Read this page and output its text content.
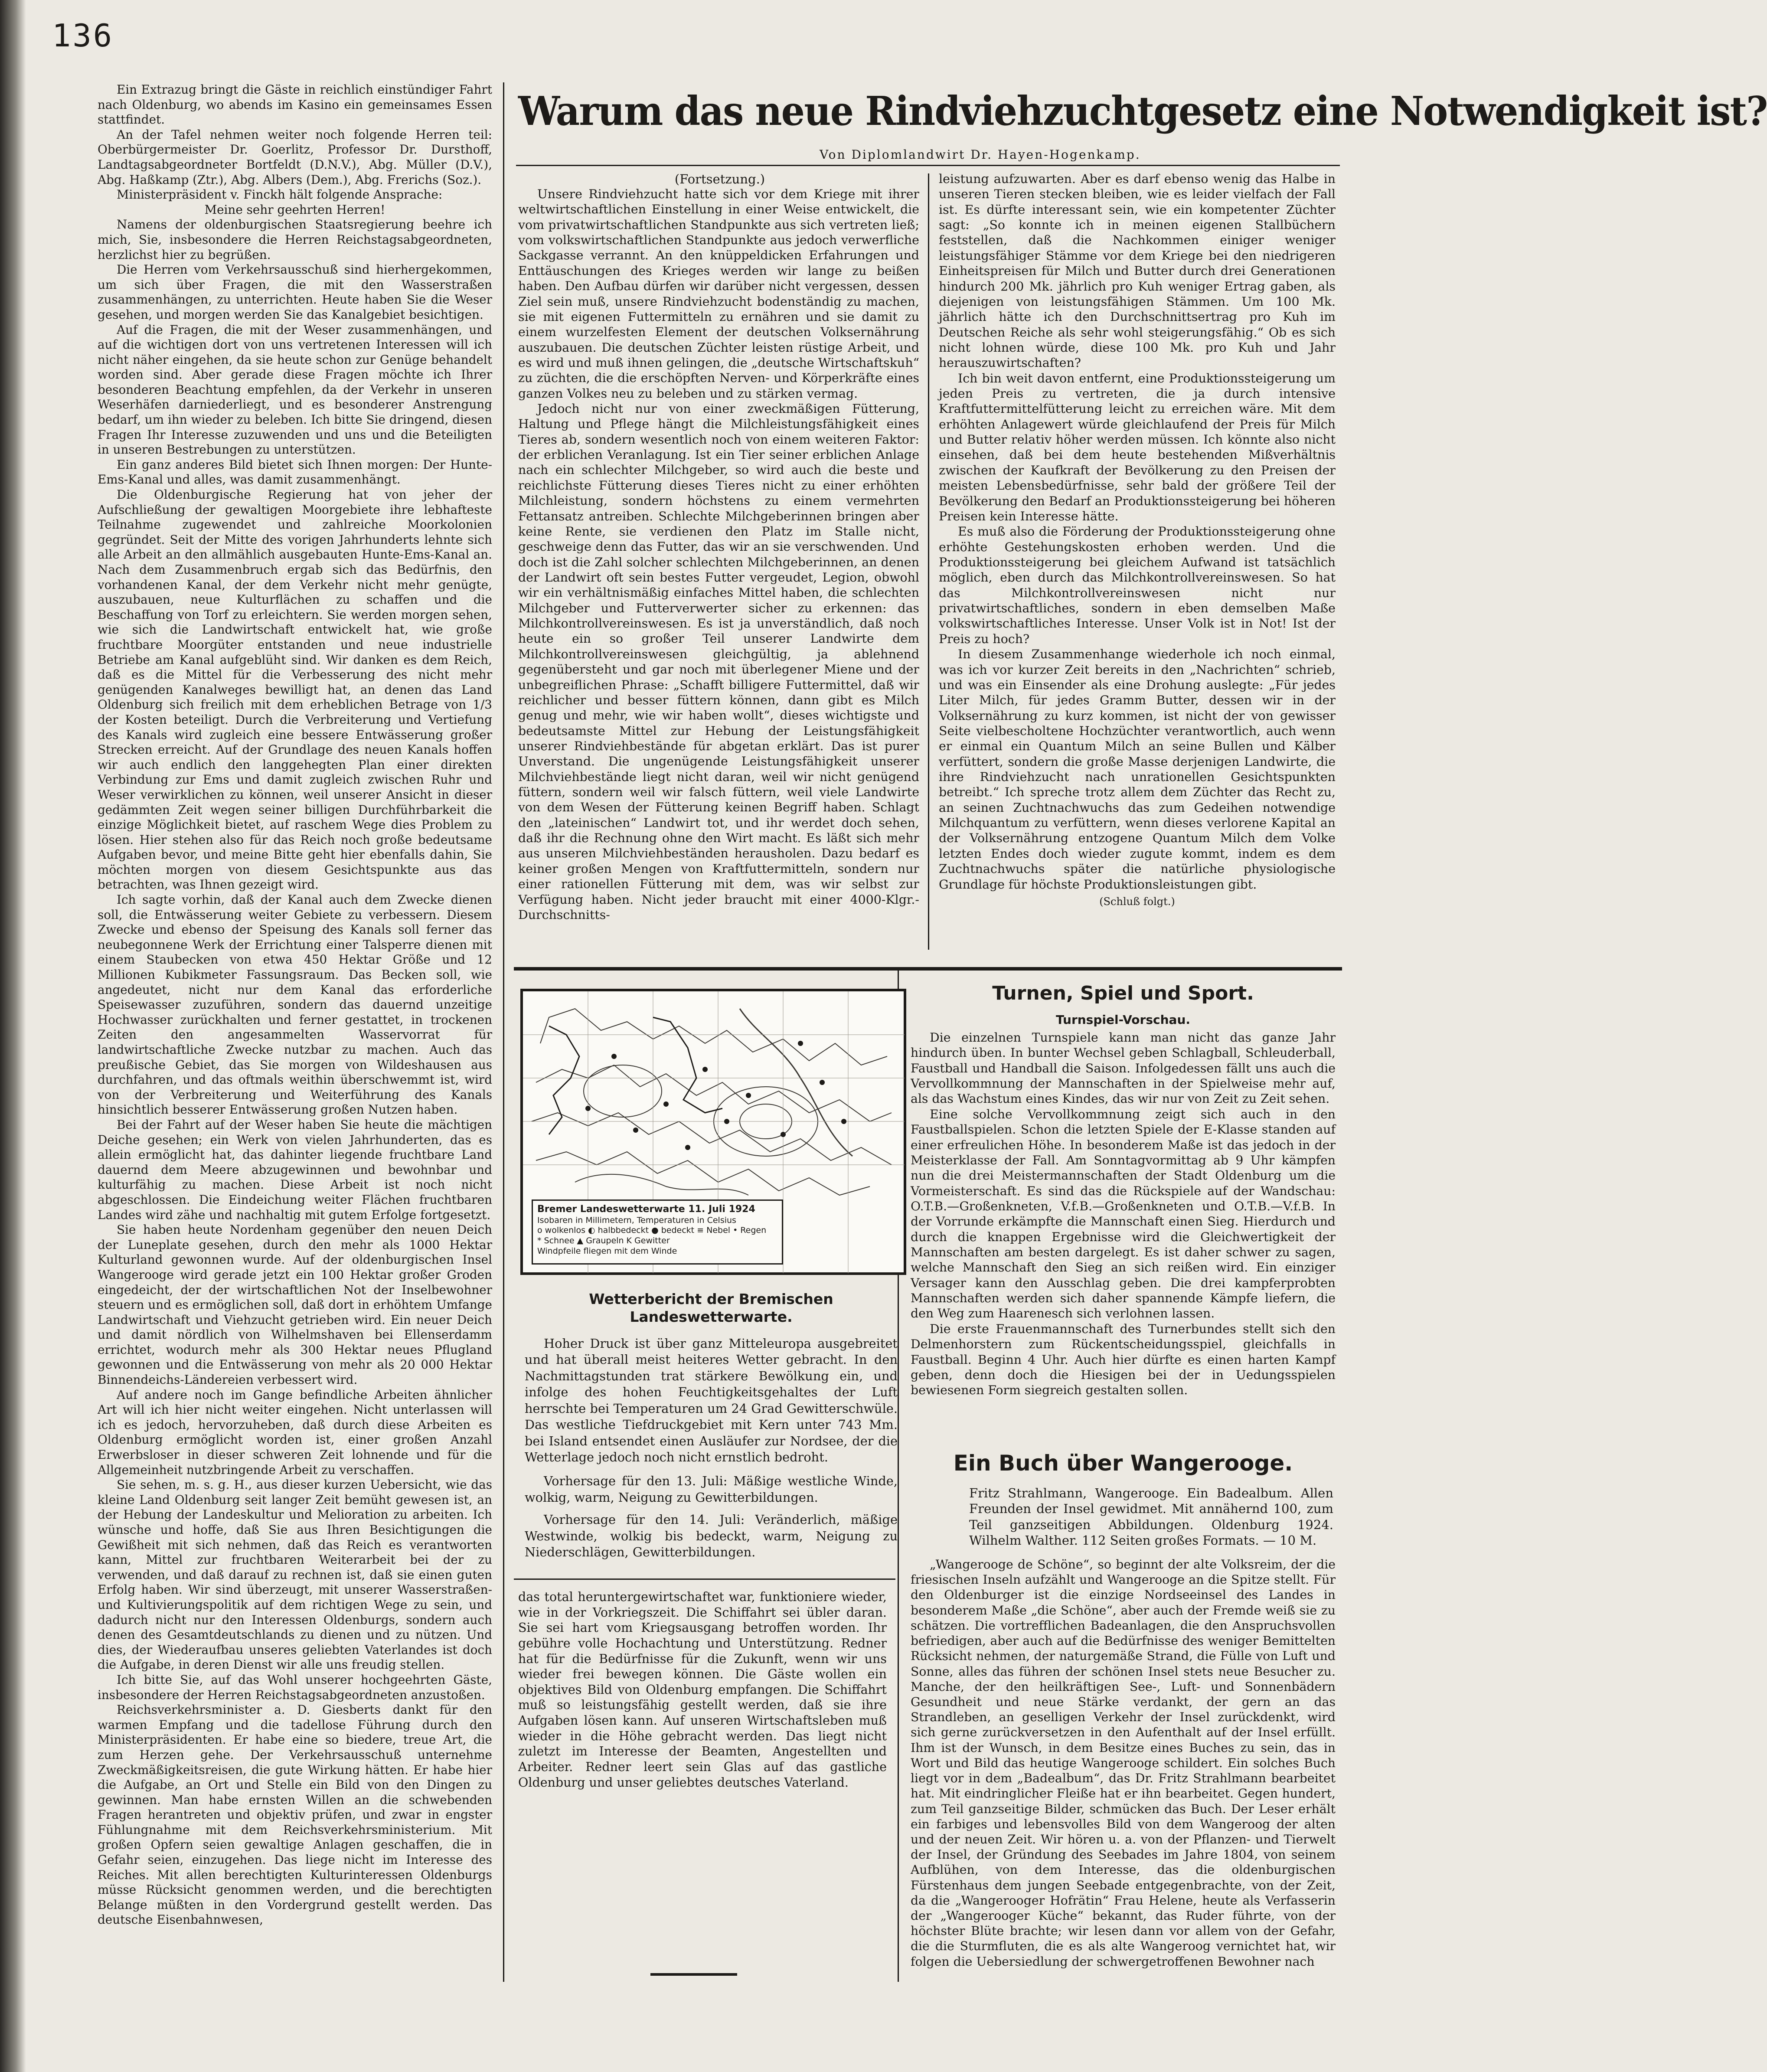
136

Ein Extrazug bringt die Gäste in reichlich einstündiger Fahrt nach Oldenburg, wo abends im Kasino ein gemeinsames Essen stattfindet.

An der Tafel nehmen weiter noch folgende Herren teil: Oberbürgermeister Dr. Goerlitz, Professor Dr. Dursthoff, Landtagsabgeordneter Bortfeldt (D.N.V.), Abg. Müller (D.V.), Abg. Haßkamp (Ztr.), Abg. Albers (Dem.), Abg. Frerichs (Soz.).

Ministerpräsident v. Finckh hält folgende Ansprache:

Meine sehr geehrten Herren!

Namens der oldenburgischen Staatsregierung beehre ich mich, Sie, insbesondere die Herren Reichstagsabgeordneten, herzlichst hier zu begrüßen.

Die Herren vom Verkehrsausschuß sind hierhergekommen, um sich über Fragen, die mit den Wasserstraßen zusammenhängen, zu unterrichten. Heute haben Sie die Weser gesehen, und morgen werden Sie das Kanalgebiet besichtigen.

Auf die Fragen, die mit der Weser zusammenhängen, und auf die wichtigen dort von uns vertretenen Interessen will ich nicht näher eingehen, da sie heute schon zur Genüge behandelt worden sind. Aber gerade diese Fragen möchte ich Ihrer besonderen Beachtung empfehlen, da der Verkehr in unseren Weserhäfen darniederliegt, und es besonderer Anstrengung bedarf, um ihn wieder zu beleben. Ich bitte Sie dringend, diesen Fragen Ihr Interesse zuzuwenden und uns und die Beteiligten in unseren Bestrebungen zu unterstützen.

Ein ganz anderes Bild bietet sich Ihnen morgen: Der Hunte-Ems-Kanal und alles, was damit zusammenhängt.

Die Oldenburgische Regierung hat von jeher der Aufschließung der gewaltigen Moorgebiete ihre lebhafteste Teilnahme zugewendet und zahlreiche Moorkolonien gegründet. Seit der Mitte des vorigen Jahrhunderts lehnte sich alle Arbeit an den allmählich ausgebauten Hunte-Ems-Kanal an. Nach dem Zusammenbruch ergab sich das Bedürfnis, den vorhandenen Kanal, der dem Verkehr nicht mehr genügte, auszubauen, neue Kulturflächen zu schaffen und die Beschaffung von Torf zu erleichtern. Sie werden morgen sehen, wie sich die Landwirtschaft entwickelt hat, wie große fruchtbare Moorgüter entstanden und neue industrielle Betriebe am Kanal aufgeblüht sind. Wir danken es dem Reich, daß es die Mittel für die Verbesserung des nicht mehr genügenden Kanalweges bewilligt hat, an denen das Land Oldenburg sich freilich mit dem erheblichen Betrage von 1/3 der Kosten beteiligt. Durch die Verbreiterung und Vertiefung des Kanals wird zugleich eine bessere Entwässerung großer Strecken erreicht. Auf der Grundlage des neuen Kanals hoffen wir auch endlich den langgehegten Plan einer direkten Verbindung zur Ems und damit zugleich zwischen Ruhr und Weser verwirklichen zu können, weil unserer Ansicht in dieser gedämmten Zeit wegen seiner billigen Durchführbarkeit die einzige Möglichkeit bietet, auf raschem Wege dies Problem zu lösen. Hier stehen also für das Reich noch große bedeutsame Aufgaben bevor, und meine Bitte geht hier ebenfalls dahin, Sie möchten morgen von diesem Gesichtspunkte aus das betrachten, was Ihnen gezeigt wird.

Ich sagte vorhin, daß der Kanal auch dem Zwecke dienen soll, die Entwässerung weiter Gebiete zu verbessern. Diesem Zwecke und ebenso der Speisung des Kanals soll ferner das neubegonnene Werk der Errichtung einer Talsperre dienen mit einem Staubecken von etwa 450 Hektar Größe und 12 Millionen Kubikmeter Fassungsraum. Das Becken soll, wie angedeutet, nicht nur dem Kanal das erforderliche Speisewasser zuzuführen, sondern das dauernd unzeitige Hochwasser zurückhalten und ferner gestattet, in trockenen Zeiten den angesammelten Wasservorrat für landwirtschaftliche Zwecke nutzbar zu machen. Auch das preußische Gebiet, das Sie morgen von Wildeshausen aus durchfahren, und das oftmals weithin überschwemmt ist, wird von der Verbreiterung und Weiterführung des Kanals hinsichtlich besserer Entwässerung großen Nutzen haben.

Bei der Fahrt auf der Weser haben Sie heute die mächtigen Deiche gesehen; ein Werk von vielen Jahrhunderten, das es allein ermöglicht hat, das dahinter liegende fruchtbare Land dauernd dem Meere abzugewinnen und bewohnbar und kulturfähig zu machen. Diese Arbeit ist noch nicht abgeschlossen. Die Eindeichung weiter Flächen fruchtbaren Landes wird zähe und nachhaltig mit gutem Erfolge fortgesetzt.

Sie haben heute Nordenham gegenüber den neuen Deich der Luneplate gesehen, durch den mehr als 1000 Hektar Kulturland gewonnen wurde. Auf der oldenburgischen Insel Wangerooge wird gerade jetzt ein 100 Hektar großer Groden eingedeicht, der der wirtschaftlichen Not der Inselbewohner steuern und es ermöglichen soll, daß dort in erhöhtem Umfange Landwirtschaft und Viehzucht getrieben wird. Ein neuer Deich und damit nördlich von Wilhelmshaven bei Ellenserdamm errichtet, wodurch mehr als 300 Hektar neues Pflugland gewonnen und die Entwässerung von mehr als 20 000 Hektar Binnendeichs-Ländereien verbessert wird.

Auf andere noch im Gange befindliche Arbeiten ähnlicher Art will ich hier nicht weiter eingehen. Nicht unterlassen will ich es jedoch, hervorzuheben, daß durch diese Arbeiten es Oldenburg ermöglicht worden ist, einer großen Anzahl Erwerbsloser in dieser schweren Zeit lohnende und für die Allgemeinheit nutzbringende Arbeit zu verschaffen.

Sie sehen, m. s. g. H., aus dieser kurzen Uebersicht, wie das kleine Land Oldenburg seit langer Zeit bemüht gewesen ist, an der Hebung der Landeskultur und Melioration zu arbeiten. Ich wünsche und hoffe, daß Sie aus Ihren Besichtigungen die Gewißheit mit sich nehmen, daß das Reich es verantworten kann, Mittel zur fruchtbaren Weiterarbeit bei der zu verwenden, und daß darauf zu rechnen ist, daß sie einen guten Erfolg haben. Wir sind überzeugt, mit unserer Wasserstraßen- und Kultivierungspolitik auf dem richtigen Wege zu sein, und dadurch nicht nur den Interessen Oldenburgs, sondern auch denen des Gesamtdeutschlands zu dienen und zu nützen. Und dies, der Wiederaufbau unseres geliebten Vaterlandes ist doch die Aufgabe, in deren Dienst wir alle uns freudig stellen.

Ich bitte Sie, auf das Wohl unserer hochgeehrten Gäste, insbesondere der Herren Reichstagsabgeordneten anzustoßen.

Reichsverkehrsminister a. D. Giesberts dankt für den warmen Empfang und die tadellose Führung durch den Ministerpräsidenten. Er habe eine so biedere, treue Art, die zum Herzen gehe. Der Verkehrsausschuß unternehme Zweckmäßigkeitsreisen, die gute Wirkung hätten. Er habe hier die Aufgabe, an Ort und Stelle ein Bild von den Dingen zu gewinnen. Man habe ernsten Willen an die schwebenden Fragen herantreten und objektiv prüfen, und zwar in engster Fühlungnahme mit dem Reichsverkehrsministerium. Mit großen Opfern seien gewaltige Anlagen geschaffen, die in Gefahr seien, einzugehen. Das liege nicht im Interesse des Reiches. Mit allen berechtigten Kulturinteressen Oldenburgs müsse Rücksicht genommen werden, und die berechtigten Belange müßten in den Vordergrund gestellt werden. Das deutsche Eisenbahnwesen,

Warum das neue Rindviehzuchtgesetz eine Notwendigkeit ist?
Von Diplomlandwirt Dr. Hayen-Hogenkamp.
(Fortsetzung.)

Unsere Rindviehzucht hatte sich vor dem Kriege mit ihrer weltwirtschaftlichen Einstellung in einer Weise entwickelt, die vom privatwirtschaftlichen Standpunkte aus sich vertreten ließ; vom volkswirtschaftlichen Standpunkte aus jedoch verwerfliche Sackgasse verrannt. An den knüppeldicken Erfahrungen und Enttäuschungen des Krieges werden wir lange zu beißen haben. Den Aufbau dürfen wir darüber nicht vergessen, dessen Ziel sein muß, unsere Rindviehzucht bodenständig zu machen, sie mit eigenen Futtermitteln zu ernähren und sie damit zu einem wurzelfesten Element der deutschen Volksernährung auszubauen. Die deutschen Züchter leisten rüstige Arbeit, und es wird und muß ihnen gelingen, die „deutsche Wirtschaftskuh“ zu züchten, die die erschöpften Nerven- und Körperkräfte eines ganzen Volkes neu zu beleben und zu stärken vermag.

Jedoch nicht nur von einer zweckmäßigen Fütterung, Haltung und Pflege hängt die Milchleistungsfähigkeit eines Tieres ab, sondern wesentlich noch von einem weiteren Faktor: der erblichen Veranlagung. Ist ein Tier seiner erblichen Anlage nach ein schlechter Milchgeber, so wird auch die beste und reichlichste Fütterung dieses Tieres nicht zu einer erhöhten Milchleistung, sondern höchstens zu einem vermehrten Fettansatz antreiben. Schlechte Milchgeberinnen bringen aber keine Rente, sie verdienen den Platz im Stalle nicht, geschweige denn das Futter, das wir an sie verschwenden. Und doch ist die Zahl solcher schlechten Milchgeberinnen, an denen der Landwirt oft sein bestes Futter vergeudet, Legion, obwohl wir ein verhältnismäßig einfaches Mittel haben, die schlechten Milchgeber und Futterverwerter sicher zu erkennen: das Milchkontrollvereinswesen. Es ist ja unverständlich, daß noch heute ein so großer Teil unserer Landwirte dem Milchkontrollvereinswesen gleichgültig, ja ablehnend gegenübersteht und gar noch mit überlegener Miene und der unbegreiflichen Phrase: „Schafft billigere Futtermittel, daß wir reichlicher und besser füttern können, dann gibt es Milch genug und mehr, wie wir haben wollt“, dieses wichtigste und bedeutsamste Mittel zur Hebung der Leistungsfähigkeit unserer Rindviehbestände für abgetan erklärt. Das ist purer Unverstand. Die ungenügende Leistungsfähigkeit unserer Milchviehbestände liegt nicht daran, weil wir nicht genügend füttern, sondern weil wir falsch füttern, weil viele Landwirte von dem Wesen der Fütterung keinen Begriff haben. Schlagt den „lateinischen“ Landwirt tot, und ihr werdet doch sehen, daß ihr die Rechnung ohne den Wirt macht. Es läßt sich mehr aus unseren Milchviehbeständen herausholen. Dazu bedarf es keiner großen Mengen von Kraftfuttermitteln, sondern nur einer rationellen Fütterung mit dem, was wir selbst zur Verfügung haben. Nicht jeder braucht mit einer 4000-Klgr.-Durchschnitts-

leistung aufzuwarten. Aber es darf ebenso wenig das Halbe in unseren Tieren stecken bleiben, wie es leider vielfach der Fall ist. Es dürfte interessant sein, wie ein kompetenter Züchter sagt: „So konnte ich in meinen eigenen Stallbüchern feststellen, daß die Nachkommen einiger weniger leistungsfähiger Stämme vor dem Kriege bei den niedrigeren Einheitspreisen für Milch und Butter durch drei Generationen hindurch 200 Mk. jährlich pro Kuh weniger Ertrag gaben, als diejenigen von leistungsfähigen Stämmen. Um 100 Mk. jährlich hätte ich den Durchschnittsertrag pro Kuh im Deutschen Reiche als sehr wohl steigerungsfähig.“ Ob es sich nicht lohnen würde, diese 100 Mk. pro Kuh und Jahr herauszuwirtschaften?

Ich bin weit davon entfernt, eine Produktionssteigerung um jeden Preis zu vertreten, die ja durch intensive Kraftfuttermittelfütterung leicht zu erreichen wäre. Mit dem erhöhten Anlagewert würde gleichlaufend der Preis für Milch und Butter relativ höher werden müssen. Ich könnte also nicht einsehen, daß bei dem heute bestehenden Mißverhältnis zwischen der Kaufkraft der Bevölkerung zu den Preisen der meisten Lebensbedürfnisse, sehr bald der größere Teil der Bevölkerung den Bedarf an Produktionssteigerung bei höheren Preisen kein Interesse hätte.

Es muß also die Förderung der Produktionssteigerung ohne erhöhte Gestehungskosten erhoben werden. Und die Produktionssteigerung bei gleichem Aufwand ist tatsächlich möglich, eben durch das Milchkontrollvereinswesen. So hat das Milchkontrollvereinswesen nicht nur privatwirtschaftliches, sondern in eben demselben Maße volkswirtschaftliches Interesse. Unser Volk ist in Not! Ist der Preis zu hoch?

In diesem Zusammenhange wiederhole ich noch einmal, was ich vor kurzer Zeit bereits in den „Nachrichten“ schrieb, und was ein Einsender als eine Drohung auslegte: „Für jedes Liter Milch, für jedes Gramm Butter, dessen wir in der Volksernährung zu kurz kommen, ist nicht der von gewisser Seite vielbescholtene Hochzüchter verantwortlich, auch wenn er einmal ein Quantum Milch an seine Bullen und Kälber verfüttert, sondern die große Masse derjenigen Landwirte, die ihre Rindviehzucht nach unrationellen Gesichtspunkten betreibt.“ Ich spreche trotz allem dem Züchter das Recht zu, an seinen Zuchtnachwuchs das zum Gedeihen notwendige Milchquantum zu verfüttern, wenn dieses verlorene Kapital an der Volksernährung entzogene Quantum Milch dem Volke letzten Endes doch wieder zugute kommt, indem es dem Zuchtnachwuchs später die natürliche physiologische Grundlage für höchste Produktionsleistungen gibt.

(Schluß folgt.)

Bremer Landeswetterwarte 11. Juli 1924
Isobaren in Millimetern, Temperaturen in Celsius
o wolkenlos ◐ halbbedeckt ● bedeckt ≡ Nebel • Regen
* Schnee ▲ Graupeln K Gewitter
Windpfeile fliegen mit dem Winde
Wetterbericht der Bremischen Landeswetterwarte.

Hoher Druck ist über ganz Mitteleuropa ausgebreitet und hat überall meist heiteres Wetter gebracht. In den Nachmittagstunden trat stärkere Bewölkung ein, und infolge des hohen Feuchtigkeitsgehaltes der Luft herrschte bei Temperaturen um 24 Grad Gewitterschwüle. Das westliche Tiefdruckgebiet mit Kern unter 743 Mm. bei Island entsendet einen Ausläufer zur Nordsee, der die Wetterlage jedoch noch nicht ernstlich bedroht.

Vorhersage für den 13. Juli: Mäßige westliche Winde, wolkig, warm, Neigung zu Gewitterbildungen.

Vorhersage für den 14. Juli: Veränderlich, mäßige Westwinde, wolkig bis bedeckt, warm, Neigung zu Niederschlägen, Gewitterbildungen.

das total heruntergewirtschaftet war, funktioniere wieder, wie in der Vorkriegszeit. Die Schiffahrt sei übler daran. Sie sei hart vom Kriegsausgang betroffen worden. Ihr gebühre volle Hochachtung und Unterstützung. Redner hat für die Bedürfnisse für die Zukunft, wenn wir uns wieder frei bewegen können. Die Gäste wollen ein objektives Bild von Oldenburg empfangen. Die Schiffahrt muß so leistungsfähig gestellt werden, daß sie ihre Aufgaben lösen kann. Auf unseren Wirtschaftsleben muß wieder in die Höhe gebracht werden. Das liegt nicht zuletzt im Interesse der Beamten, Angestellten und Arbeiter. Redner leert sein Glas auf das gastliche Oldenburg und unser geliebtes deutsches Vaterland.

Turnen, Spiel und Sport.
Turnspiel-Vorschau.

Die einzelnen Turnspiele kann man nicht das ganze Jahr hindurch üben. In bunter Wechsel geben Schlagball, Schleuderball, Faustball und Handball die Saison. Infolgedessen fällt uns auch die Vervollkommnung der Mannschaften in der Spielweise mehr auf, als das Wachstum eines Kindes, das wir nur von Zeit zu Zeit sehen.

Eine solche Vervollkommnung zeigt sich auch in den Faustballspielen. Schon die letzten Spiele der E-Klasse standen auf einer erfreulichen Höhe. In besonderem Maße ist das jedoch in der Meisterklasse der Fall. Am Sonntagvormittag ab 9 Uhr kämpfen nun die drei Meistermannschaften der Stadt Oldenburg um die Vormeisterschaft. Es sind das die Rückspiele auf der Wandschau: O.T.B.—Großenkneten, V.f.B.—Großenkneten und O.T.B.—V.f.B. In der Vorrunde erkämpfte die Mannschaft einen Sieg. Hierdurch und durch die knappen Ergebnisse wird die Gleichwertigkeit der Mannschaften am besten dargelegt. Es ist daher schwer zu sagen, welche Mannschaft den Sieg an sich reißen wird. Ein einziger Versager kann den Ausschlag geben. Die drei kampferprobten Mannschaften werden sich daher spannende Kämpfe liefern, die den Weg zum Haarenesch sich verlohnen lassen.

Die erste Frauenmannschaft des Turnerbundes stellt sich den Delmenhorstern zum Rückentscheidungsspiel, gleichfalls in Faustball. Beginn 4 Uhr. Auch hier dürfte es einen harten Kampf geben, denn doch die Hiesigen bei der in Uedungsspielen bewiesenen Form siegreich gestalten sollen.

Ein Buch über Wangerooge.

Fritz Strahlmann, Wangerooge. Ein Badealbum. Allen Freunden der Insel gewidmet. Mit annähernd 100, zum Teil ganzseitigen Abbildungen. Oldenburg 1924. Wilhelm Walther. 112 Seiten großes Formats. — 10 M.

„Wangerooge de Schöne“, so beginnt der alte Volksreim, der die friesischen Inseln aufzählt und Wangerooge an die Spitze stellt. Für den Oldenburger ist die einzige Nordseeinsel des Landes in besonderem Maße „die Schöne“, aber auch der Fremde weiß sie zu schätzen. Die vortrefflichen Badeanlagen, die den Anspruchsvollen befriedigen, aber auch auf die Bedürfnisse des weniger Bemittelten Rücksicht nehmen, der naturgemäße Strand, die Fülle von Luft und Sonne, alles das führen der schönen Insel stets neue Besucher zu. Manche, der den heilkräftigen See-, Luft- und Sonnenbädern Gesundheit und neue Stärke verdankt, der gern an das Strandleben, an geselligen Verkehr der Insel zurückdenkt, wird sich gerne zurückversetzen in den Aufenthalt auf der Insel erfüllt. Ihm ist der Wunsch, in dem Besitze eines Buches zu sein, das in Wort und Bild das heutige Wangerooge schildert. Ein solches Buch liegt vor in dem „Badealbum“, das Dr. Fritz Strahlmann bearbeitet hat. Mit eindringlicher Fleiße hat er ihn bearbeitet. Gegen hundert, zum Teil ganzseitige Bilder, schmücken das Buch. Der Leser erhält ein farbiges und lebensvolles Bild von dem Wangeroog der alten und der neuen Zeit. Wir hören u. a. von der Pflanzen- und Tierwelt der Insel, der Gründung des Seebades im Jahre 1804, von seinem Aufblühen, von dem Interesse, das die oldenburgischen Fürstenhaus dem jungen Seebade entgegenbrachte, von der Zeit, da die „Wangerooger Hofrätin“ Frau Helene, heute als Verfasserin der „Wangerooger Küche“ bekannt, das Ruder führte, von der höchster Blüte brachte; wir lesen dann vor allem von der Gefahr, die die Sturmfluten, die es als alte Wangeroog vernichtet hat, wir folgen die Uebersiedlung der schwergetroffenen Bewohner nach
